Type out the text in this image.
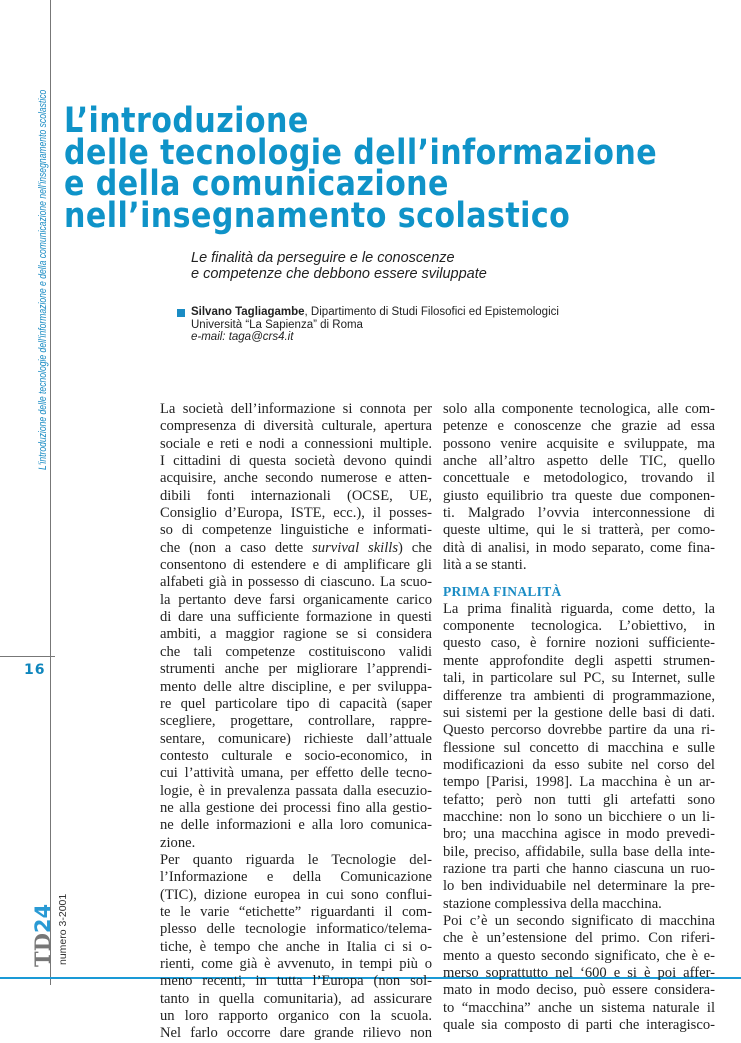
16
L'introduzione delle tecnologie dell'informazione e della comunicazione nell'insegnamento scolastico
TD24 numero 3-2001
L’introduzione
delle tecnologie dell’informazione
e della comunicazione
nell’insegnamento scolastico
Le finalità da perseguire e le conoscenze
e competenze che debbono essere sviluppate
Silvano Tagliagambe, Dipartimento di Studi Filosofici ed Epistemologici
Università “La Sapienza” di Roma
e-mail: taga@crs4.it
La società dell’informazione si connota per
compresenza di diversità culturale, apertura
sociale e reti e nodi a connessioni multiple.
I cittadini di questa società devono quindi
acquisire, anche secondo numerose e atten-
dibili fonti internazionali (OCSE, UE,
Consiglio d’Europa, ISTE, ecc.), il posses-
so di competenze linguistiche e informati-
che (non a caso dette survival skills) che
consentono di estendere e di amplificare gli
alfabeti già in possesso di ciascuno. La scuo-
la pertanto deve farsi organicamente carico
di dare una sufficiente formazione in questi
ambiti, a maggior ragione se si considera
che tali competenze costituiscono validi
strumenti anche per migliorare l’apprendi-
mento delle altre discipline, e per sviluppa-
re quel particolare tipo di capacità (saper
scegliere, progettare, controllare, rappre-
sentare, comunicare) richieste dall’attuale
contesto culturale e socio-economico, in
cui l’attività umana, per effetto delle tecno-
logie, è in prevalenza passata dalla esecuzio-
ne alla gestione dei processi fino alla gestio-
ne delle informazioni e alla loro comunica-
zione.
Per quanto riguarda le Tecnologie del-
l’Informazione e della Comunicazione
(TIC), dizione europea in cui sono conflui-
te le varie “etichette” riguardanti il com-
plesso delle tecnologie informatico/telema-
tiche, è tempo che anche in Italia ci si o-
rienti, come già è avvenuto, in tempi più o
meno recenti, in tutta l’Europa (non sol-
tanto in quella comunitaria), ad assicurare
un loro rapporto organico con la scuola.
Nel farlo occorre dare grande rilievo non
solo alla componente tecnologica, alle com-
petenze e conoscenze che grazie ad essa
possono venire acquisite e sviluppate, ma
anche all’altro aspetto delle TIC, quello
concettuale e metodologico, trovando il
giusto equilibrio tra queste due componen-
ti. Malgrado l’ovvia interconnessione di
queste ultime, qui le si tratterà, per como-
dità di analisi, in modo separato, come fina-
lità a se stanti.
PRIMA FINALITÀ
La prima finalità riguarda, come detto, la
componente tecnologica. L’obiettivo, in
questo caso, è fornire nozioni sufficiente-
mente approfondite degli aspetti strumen-
tali, in particolare sul PC, su Internet, sulle
differenze tra ambienti di programmazione,
sui sistemi per la gestione delle basi di dati.
Questo percorso dovrebbe partire da una ri-
flessione sul concetto di macchina e sulle
modificazioni da esso subite nel corso del
tempo [Parisi, 1998]. La macchina è un ar-
tefatto; però non tutti gli artefatti sono
macchine: non lo sono un bicchiere o un li-
bro; una macchina agisce in modo prevedi-
bile, preciso, affidabile, sulla base della inte-
razione tra parti che hanno ciascuna un ruo-
lo ben individuabile nel determinare la pre-
stazione complessiva della macchina.
Poi c’è un secondo significato di macchina
che è un’estensione del primo. Con riferi-
mento a questo secondo significato, che è e-
merso soprattutto nel ‘600 e si è poi affer-
mato in modo deciso, può essere considera-
to “macchina” anche un sistema naturale il
quale sia composto di parti che interagisco-
